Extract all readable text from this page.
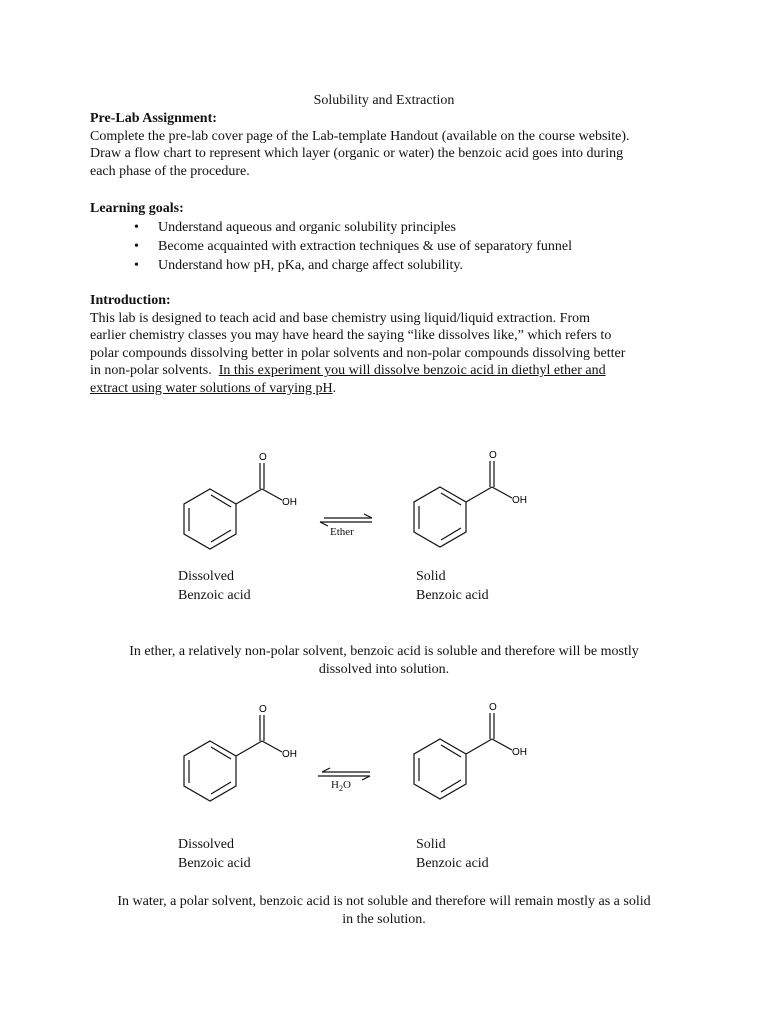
Solubility and Extraction
Pre-Lab Assignment:
Complete the pre-lab cover page of the Lab-template Handout (available on the course website).
Draw a flow chart to represent which layer (organic or water) the benzoic acid goes into during
each phase of the procedure.
Learning goals:
• Understand aqueous and organic solubility principles
• Become acquainted with extraction techniques & use of separatory funnel
• Understand how pH, pKa, and charge affect solubility.
Introduction:
This lab is designed to teach acid and base chemistry using liquid/liquid extraction. From
earlier chemistry classes you may have heard the saying “like dissolves like,” which refers to
polar compounds dissolving better in polar solvents and non-polar compounds dissolving better
in non-polar solvents.  In this experiment you will dissolve benzoic acid in diethyl ether and
extract using water solutions of varying pH.
O
OH
Ether
O
OH
Dissolved
Benzoic acid
Solid
Benzoic acid
In ether, a relatively non-polar solvent, benzoic acid is soluble and therefore will be mostly
dissolved into solution.
O
OH
$H_2O$
O
OH
Dissolved
Benzoic acid
Solid
Benzoic acid
In water, a polar solvent, benzoic acid is not soluble and therefore will remain mostly as a solid
in the solution.
